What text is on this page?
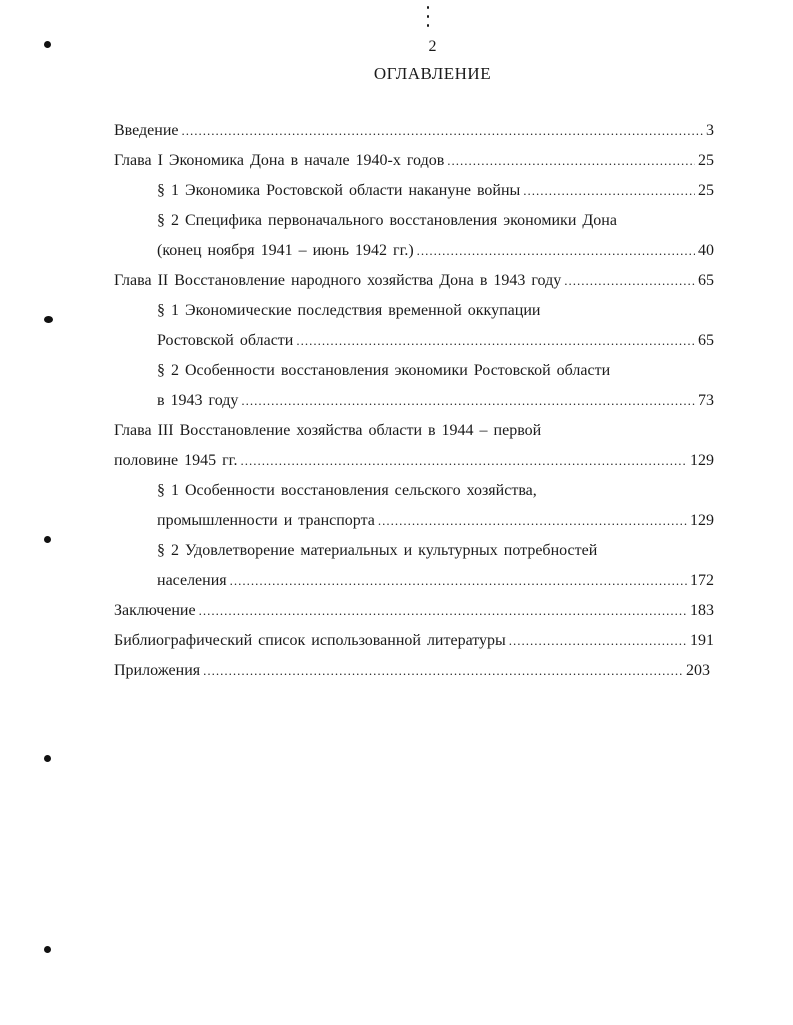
2
ОГЛАВЛЕНИЕ
Введение .....	3
Глава I Экономика Дона в начале 1940-х годов .....	25
§ 1 Экономика Ростовской области накануне войны .....	25
§ 2 Специфика первоначального восстановления экономики Дона
(конец ноября 1941 – июнь 1942 гг.) .....	40
Глава II Восстановление народного хозяйства Дона в 1943 году .....	65
§ 1 Экономические последствия временной оккупации
Ростовской области .....	65
§ 2 Особенности восстановления экономики Ростовской области
в 1943 году .....	73
Глава III Восстановление хозяйства области в 1944 – первой
половине 1945 гг. .....	129
§ 1 Особенности восстановления сельского хозяйства,
промышленности и транспорта .....	129
§ 2 Удовлетворение материальных и культурных потребностей
населения .....	172
Заключение .....	183
Библиографический список использованной литературы .....	191
Приложения .....	203
